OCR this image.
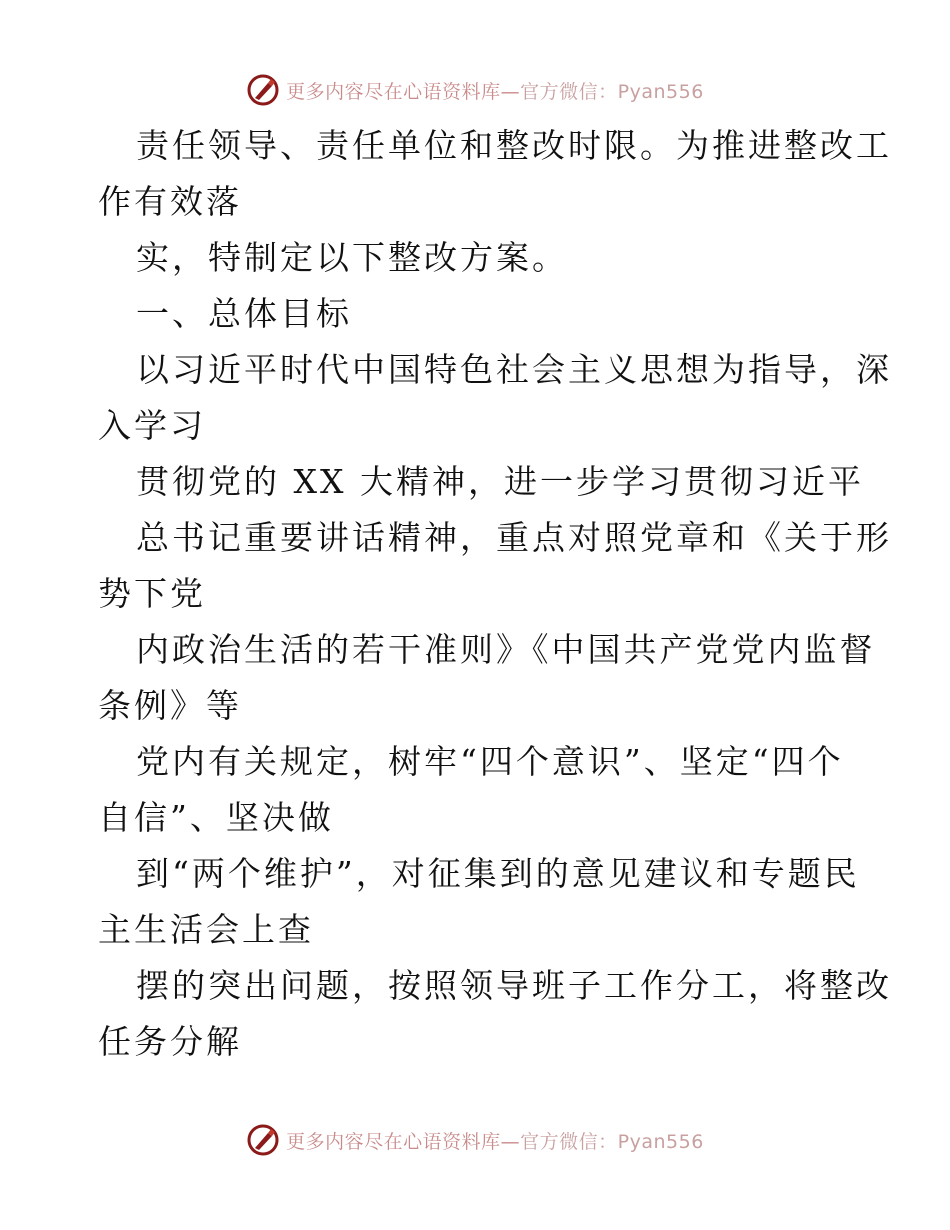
更多内容尽在心语资料库—官方微信：Pyan556

责任领导、责任单位和整改时限。为推进整改工

作有效落

实，特制定以下整改方案。

一、总体目标

以习近平时代中国特色社会主义思想为指导，深

入学习

贯彻党的 XX 大精神，进一步学习贯彻习近平

总书记重要讲话精神，重点对照党章和《关于形

势下党

内政治生活的若干准则》《中国共产党党内监督

条例》等

党内有关规定，树牢“四个意识”、坚定“四个

自信”、坚决做

到“两个维护”，对征集到的意见建议和专题民

主生活会上查

摆的突出问题，按照领导班子工作分工，将整改

任务分解

更多内容尽在心语资料库—官方微信：Pyan556
